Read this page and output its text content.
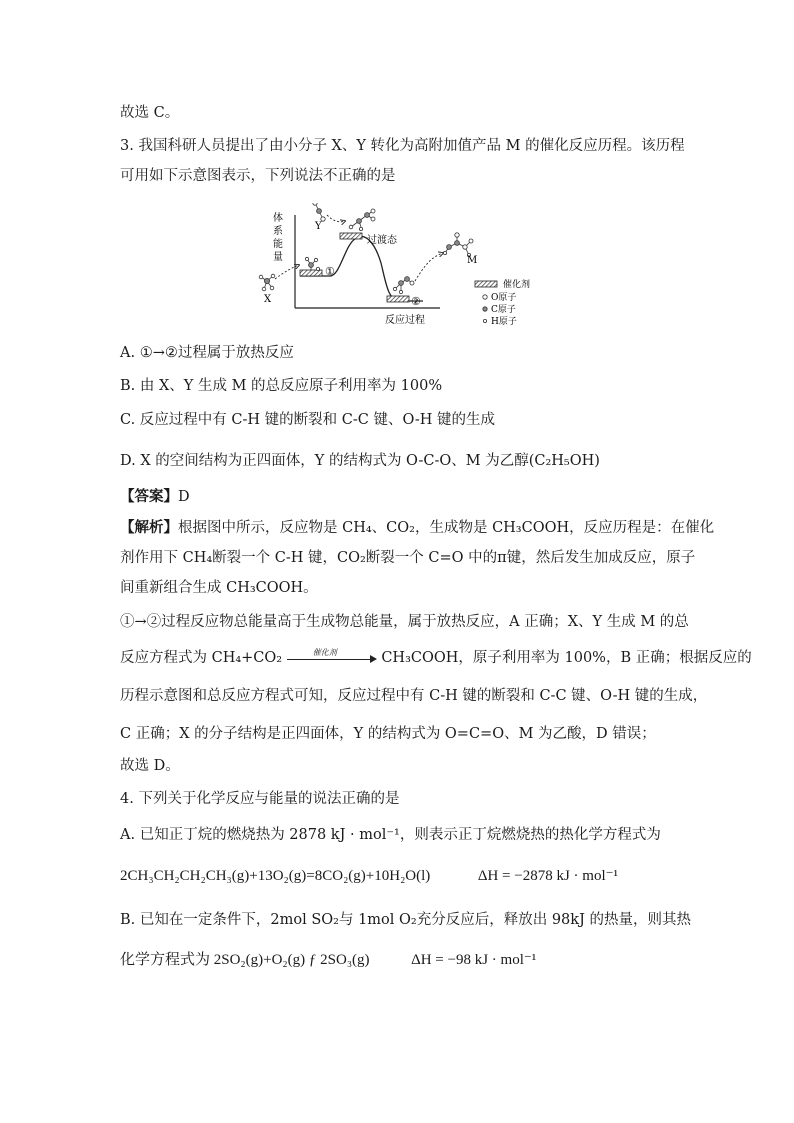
故选 C。
3. 我国科研人员提出了由小分子 X、Y 转化为高附加值产品 M 的催化反应历程。该历程
可用如下示意图表示，下列说法不正确的是
体
系
能
量
反应过程
①
②
过渡态
X
Y
M
催化剂
O原子
C原子
H原子
A. ①→②过程属于放热反应
B. 由 X、Y 生成 M 的总反应原子利用率为 100%
C. 反应过程中有 C-H 键的断裂和 C-C 键、O-H 键的生成
D. X 的空间结构为正四面体，Y 的结构式为 O-C-O、M 为乙醇(C₂H₅OH)
【答案】D
【解析】根据图中所示，反应物是 CH₄、CO₂，生成物是 CH₃COOH，反应历程是：在催化
剂作用下 CH₄断裂一个 C-H 键，CO₂断裂一个 C=O 中的π键，然后发生加成反应，原子
间重新组合生成 CH₃COOH。
①→②过程反应物总能量高于生成物总能量，属于放热反应，A 正确；X、Y 生成 M 的总
反应方程式为 CH₄+CO₂	催化剂	CH₃COOH，原子利用率为 100%，B 正确；根据反应的
历程示意图和总反应方程式可知，反应过程中有 C-H 键的断裂和 C-C 键、O-H 键的生成，
C 正确；X 的分子结构是正四面体，Y 的结构式为 O=C=O、M 为乙酸，D 错误；
故选 D。
4. 下列关于化学反应与能量的说法正确的是
A. 已知正丁烷的燃烧热为 2878 kJ · mol⁻¹，则表示正丁烷燃烧热的热化学方程式为
2CH₃CH₂CH₂CH₃(g)+13O₂(g)=8CO₂(g)+10H₂O(l)	ΔH = −2878 kJ · mol⁻¹
B. 已知在一定条件下，2mol SO₂与 1mol O₂充分反应后，释放出 98kJ 的热量，则其热
化学方程式为 2SO₂(g)+O₂(g) ƒ 2SO₃(g)	ΔH = −98 kJ · mol⁻¹
